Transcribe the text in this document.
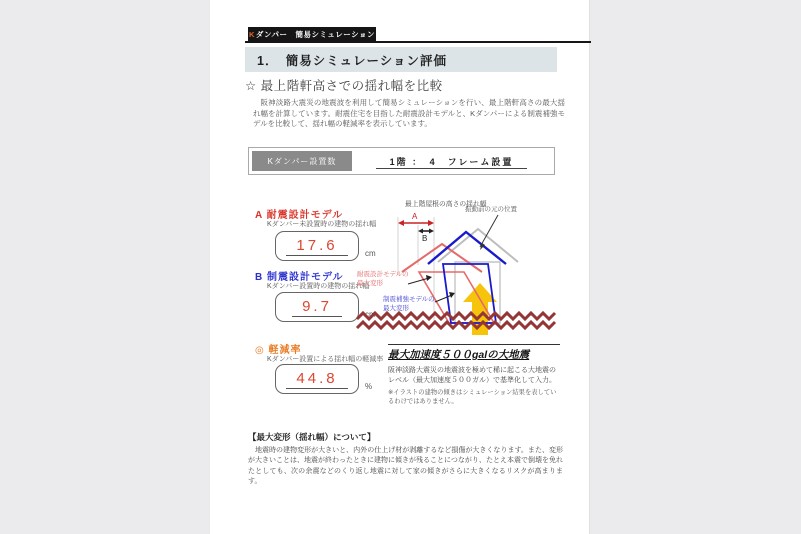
K ダンパー　簡易シミュレーション
1．　簡易シミュレーション評価
☆ 最上階軒高さでの揺れ幅を比較
阪神淡路大震災の地震波を利用して簡易シミュレーションを行い、最上階軒高さの最大揺れ幅を計算しています。耐震住宅を目指した耐震設計モデルと、Kダンパーによる制震補強モデルを比較して、揺れ幅の軽減率を表示しています。
Kダンパー設置数	1階 ：　4　フレーム設置
A 耐震設計モデル
Kダンパー未設置時の建物の揺れ幅
17.6	cm
B 制震設計モデル
Kダンパー設置時の建物の揺れ幅
9.7	cm
◎ 軽減率
Kダンパー設置による揺れ幅の軽減率
44.8	%
最上階屋根の高さの揺れ幅
A
B
振動前の元の位置
耐震設計モデルの
最大変形
制震補強モデルの
最大変形
最大加速度５００galの大地震
阪神淡路大震災の地震波を極めて稀に起こる大地震のレベル（最大加速度５００ガル）で基準化して入力。
※イラストの建物の傾きはシミュレーション結果を表しているわけではありません。
【最大変形（揺れ幅）について】
地震時の建物変形が大きいと、内外の仕上げ材が剥離するなど損傷が大きくなります。また、変形が大きいことは、地震が終わったときに建物に傾きが残ることにつながり、たとえ本震で倒壊を免れたとしても、次の余震などのくり返し地震に対して家の傾きがさらに大きくなるリスクが高まります。
